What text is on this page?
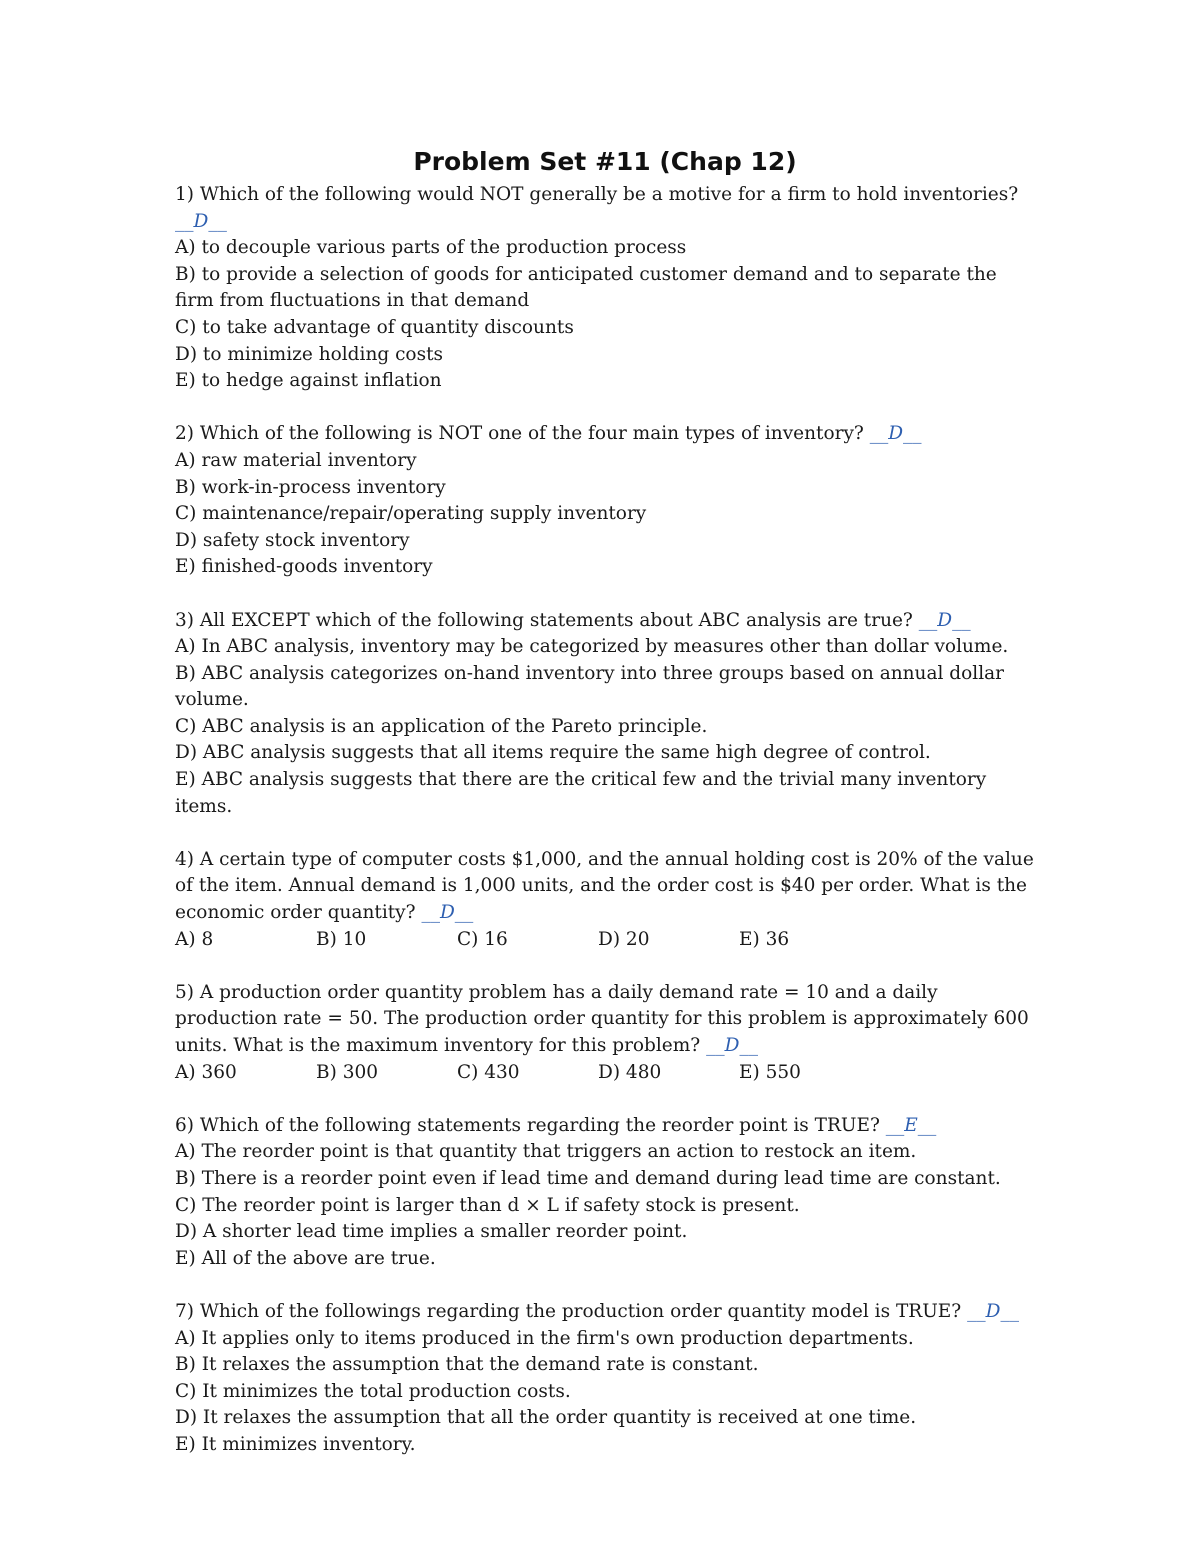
Problem Set #11 (Chap 12)

1) Which of the following would NOT generally be a motive for a firm to hold inventories? __D__

A) to decouple various parts of the production process

B) to provide a selection of goods for anticipated customer demand and to separate the firm from fluctuations in that demand

C) to take advantage of quantity discounts

D) to minimize holding costs

E) to hedge against inflation

2) Which of the following is NOT one of the four main types of inventory? __D__

A) raw material inventory

B) work-in-process inventory

C) maintenance/repair/operating supply inventory

D) safety stock inventory

E) finished-goods inventory

3) All EXCEPT which of the following statements about ABC analysis are true? __D__

A) In ABC analysis, inventory may be categorized by measures other than dollar volume.

B) ABC analysis categorizes on-hand inventory into three groups based on annual dollar volume.

C) ABC analysis is an application of the Pareto principle.

D) ABC analysis suggests that all items require the same high degree of control.

E) ABC analysis suggests that there are the critical few and the trivial many inventory items.

4) A certain type of computer costs $1,000, and the annual holding cost is 20% of the value of the item. Annual demand is 1,000 units, and the order cost is $40 per order. What is the economic order quantity? __D__

A) 8	B) 10	C) 16	D) 20	E) 36

5) A production order quantity problem has a daily demand rate = 10 and a daily production rate = 50. The production order quantity for this problem is approximately 600 units. What is the maximum inventory for this problem? __D__

A) 360	B) 300	C) 430	D) 480	E) 550

6) Which of the following statements regarding the reorder point is TRUE? __E__

A) The reorder point is that quantity that triggers an action to restock an item.

B) There is a reorder point even if lead time and demand during lead time are constant.

C) The reorder point is larger than d × L if safety stock is present.

D) A shorter lead time implies a smaller reorder point.

E) All of the above are true.

7) Which of the followings regarding the production order quantity model is TRUE? __D__

A) It applies only to items produced in the firm's own production departments.

B) It relaxes the assumption that the demand rate is constant.

C) It minimizes the total production costs.

D) It relaxes the assumption that all the order quantity is received at one time.

E) It minimizes inventory.
